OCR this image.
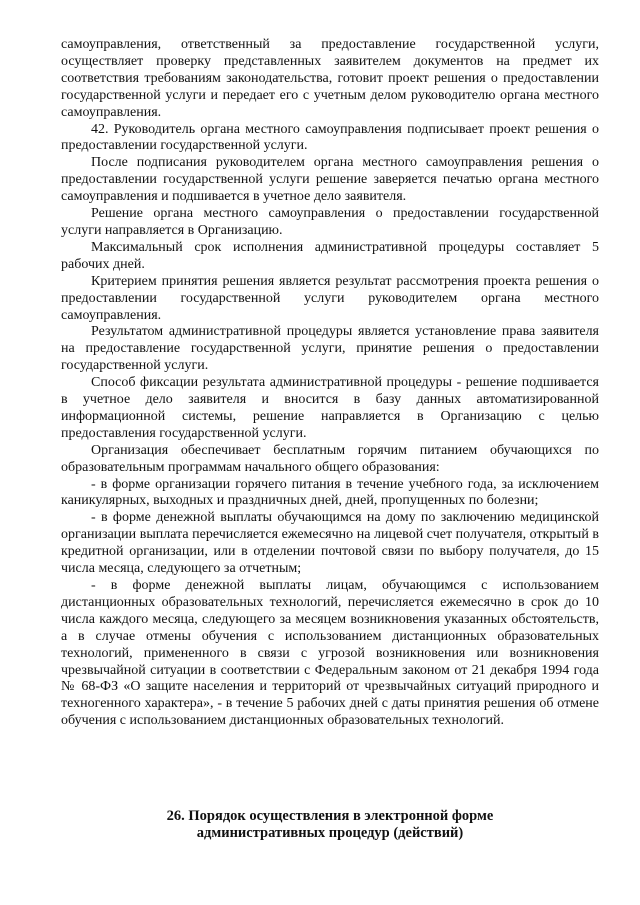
самоуправления, ответственный за предоставление государственной услуги, осуществляет проверку представленных заявителем документов на предмет их соответствия требованиям законодательства, готовит проект решения о предоставлении государственной услуги и передает его с учетным делом руководителю органа местного самоуправления.

42. Руководитель органа местного самоуправления подписывает проект решения о предоставлении государственной услуги.

После подписания руководителем органа местного самоуправления решения о предоставлении государственной услуги решение заверяется печатью органа местного самоуправления и подшивается в учетное дело заявителя.

Решение органа местного самоуправления о предоставлении государственной услуги направляется в Организацию.

Максимальный срок исполнения административной процедуры составляет 5 рабочих дней.

Критерием принятия решения является результат рассмотрения проекта решения о предоставлении государственной услуги руководителем органа местного самоуправления.

Результатом административной процедуры является установление права заявителя на предоставление государственной услуги, принятие решения о предоставлении государственной услуги.

Способ фиксации результата административной процедуры - решение подшивается в учетное дело заявителя и вносится в базу данных автоматизированной информационной системы, решение направляется в Организацию с целью предоставления государственной услуги.

Организация обеспечивает бесплатным горячим питанием обучающихся по образовательным программам начального общего образования:

- в форме организации горячего питания в течение учебного года, за исключением каникулярных, выходных и праздничных дней, дней, пропущенных по болезни;

- в форме денежной выплаты обучающимся на дому по заключению медицинской организации выплата перечисляется ежемесячно на лицевой счет получателя, открытый в кредитной организации, или в отделении почтовой связи по выбору получателя, до 15 числа месяца, следующего за отчетным;

- в форме денежной выплаты лицам, обучающимся с использованием дистанционных образовательных технологий, перечисляется ежемесячно в срок до 10 числа каждого месяца, следующего за месяцем возникновения указанных обстоятельств, а в случае отмены обучения с использованием дистанционных образовательных технологий, примененного в связи с угрозой возникновения или возникновения чрезвычайной ситуации в соответствии с Федеральным законом от 21 декабря 1994 года № 68-ФЗ «О защите населения и территорий от чрезвычайных ситуаций природного и техногенного характера», - в течение 5 рабочих дней с даты принятия решения об отмене обучения с использованием дистанционных образовательных технологий.

26. Порядок осуществления в электронной форме
административных процедур (действий)
